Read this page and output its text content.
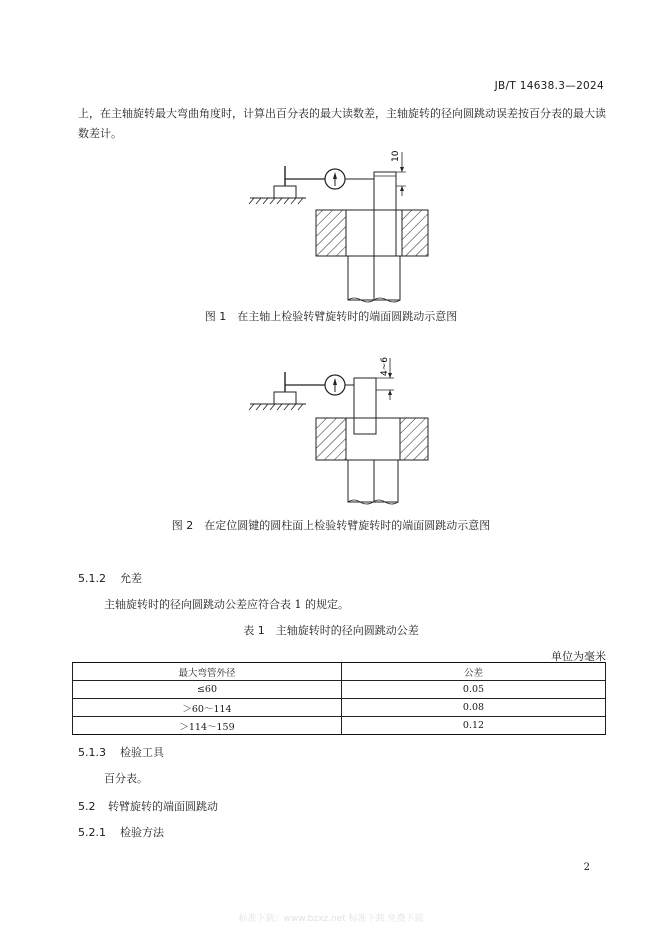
JB/T 14638.3—2024
上，在主轴旋转最大弯曲角度时，计算出百分表的最大读数差，主轴旋转的径向圆跳动误差按百分表的最大读数差计。
10
图 1　在主轴上检验转臂旋转时的端面圆跳动示意图
4~6
图 2　在定位圆键的圆柱面上检验转臂旋转时的端面圆跳动示意图
5.1.2 允差
主轴旋转时的径向圆跳动公差应符合表 1 的规定。
表 1　主轴旋转时的径向圆跳动公差
单位为毫米
最大弯管外径	公差
≤60	0.05
＞60～114	0.08
＞114～159	0.12
5.1.3 检验工具
百分表。
5.2 转臂旋转的端面圆跳动
5.2.1 检验方法
2
标准下载：www.bzxz.net 标准下载 免费下载
